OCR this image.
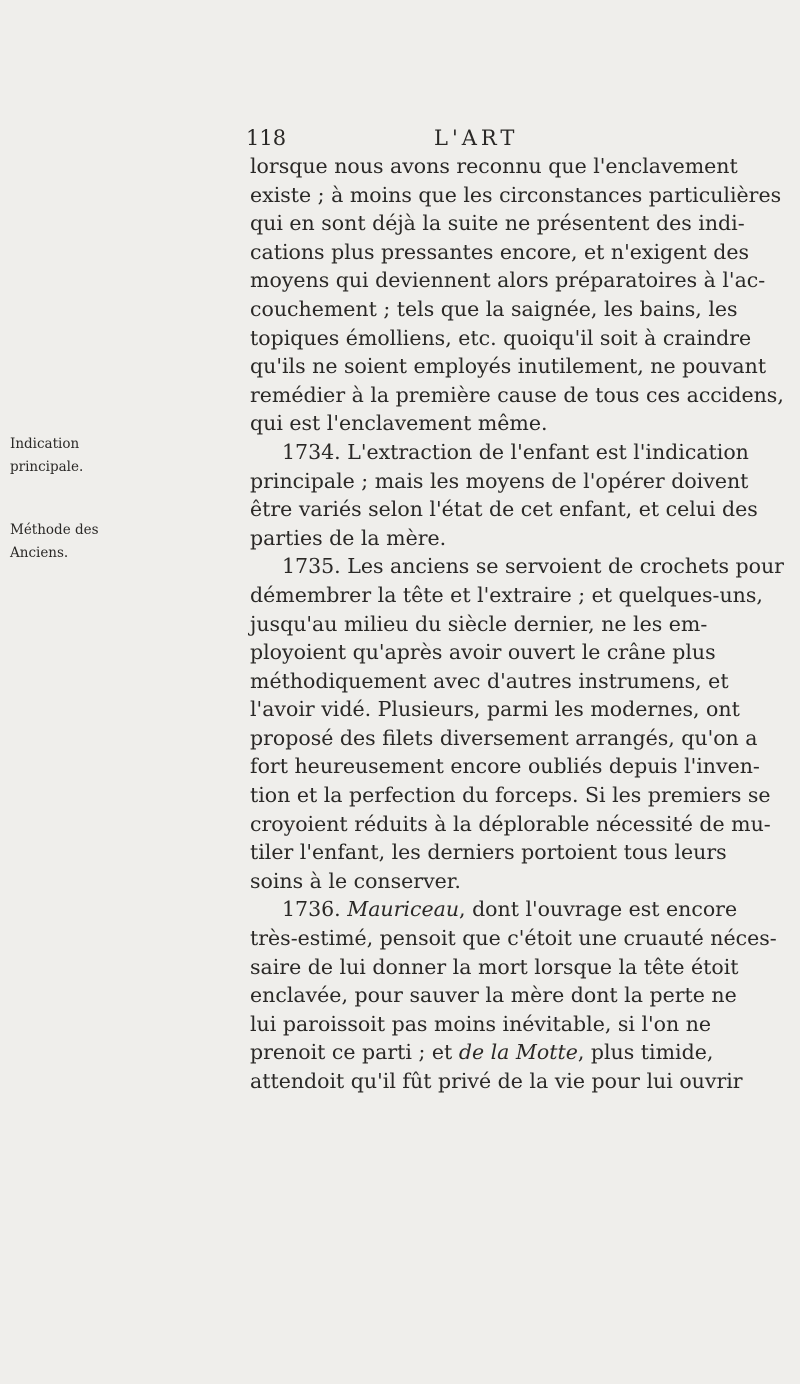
118	L'ART
Indication
principale.
Méthode des
Anciens.
lorsque nous avons reconnu que l'enclavement
existe ; à moins que les circonstances particulières
qui en sont déjà la suite ne présentent des indi-
cations plus pressantes encore, et n'exigent des
moyens qui deviennent alors préparatoires à l'ac-
couchement ; tels que la saignée, les bains, les
topiques émolliens, etc. quoiqu'il soit à craindre
qu'ils ne soient employés inutilement, ne pouvant
remédier à la première cause de tous ces accidens,
qui est l'enclavement même.
1734. L'extraction de l'enfant est l'indication
principale ; mais les moyens de l'opérer doivent
être variés selon l'état de cet enfant, et celui des
parties de la mère.
1735. Les anciens se servoient de crochets pour
démembrer la tête et l'extraire ; et quelques-uns,
jusqu'au milieu du siècle dernier, ne les em-
ployoient qu'après avoir ouvert le crâne plus
méthodiquement avec d'autres instrumens, et
l'avoir vidé. Plusieurs, parmi les modernes, ont
proposé des filets diversement arrangés, qu'on a
fort heureusement encore oubliés depuis l'inven-
tion et la perfection du forceps. Si les premiers se
croyoient réduits à la déplorable nécessité de mu-
tiler l'enfant, les derniers portoient tous leurs
soins à le conserver.
1736. Mauriceau, dont l'ouvrage est encore
très-estimé, pensoit que c'étoit une cruauté néces-
saire de lui donner la mort lorsque la tête étoit
enclavée, pour sauver la mère dont la perte ne
lui paroissoit pas moins inévitable, si l'on ne
prenoit ce parti ; et de la Motte, plus timide,
attendoit qu'il fût privé de la vie pour lui ouvrir
